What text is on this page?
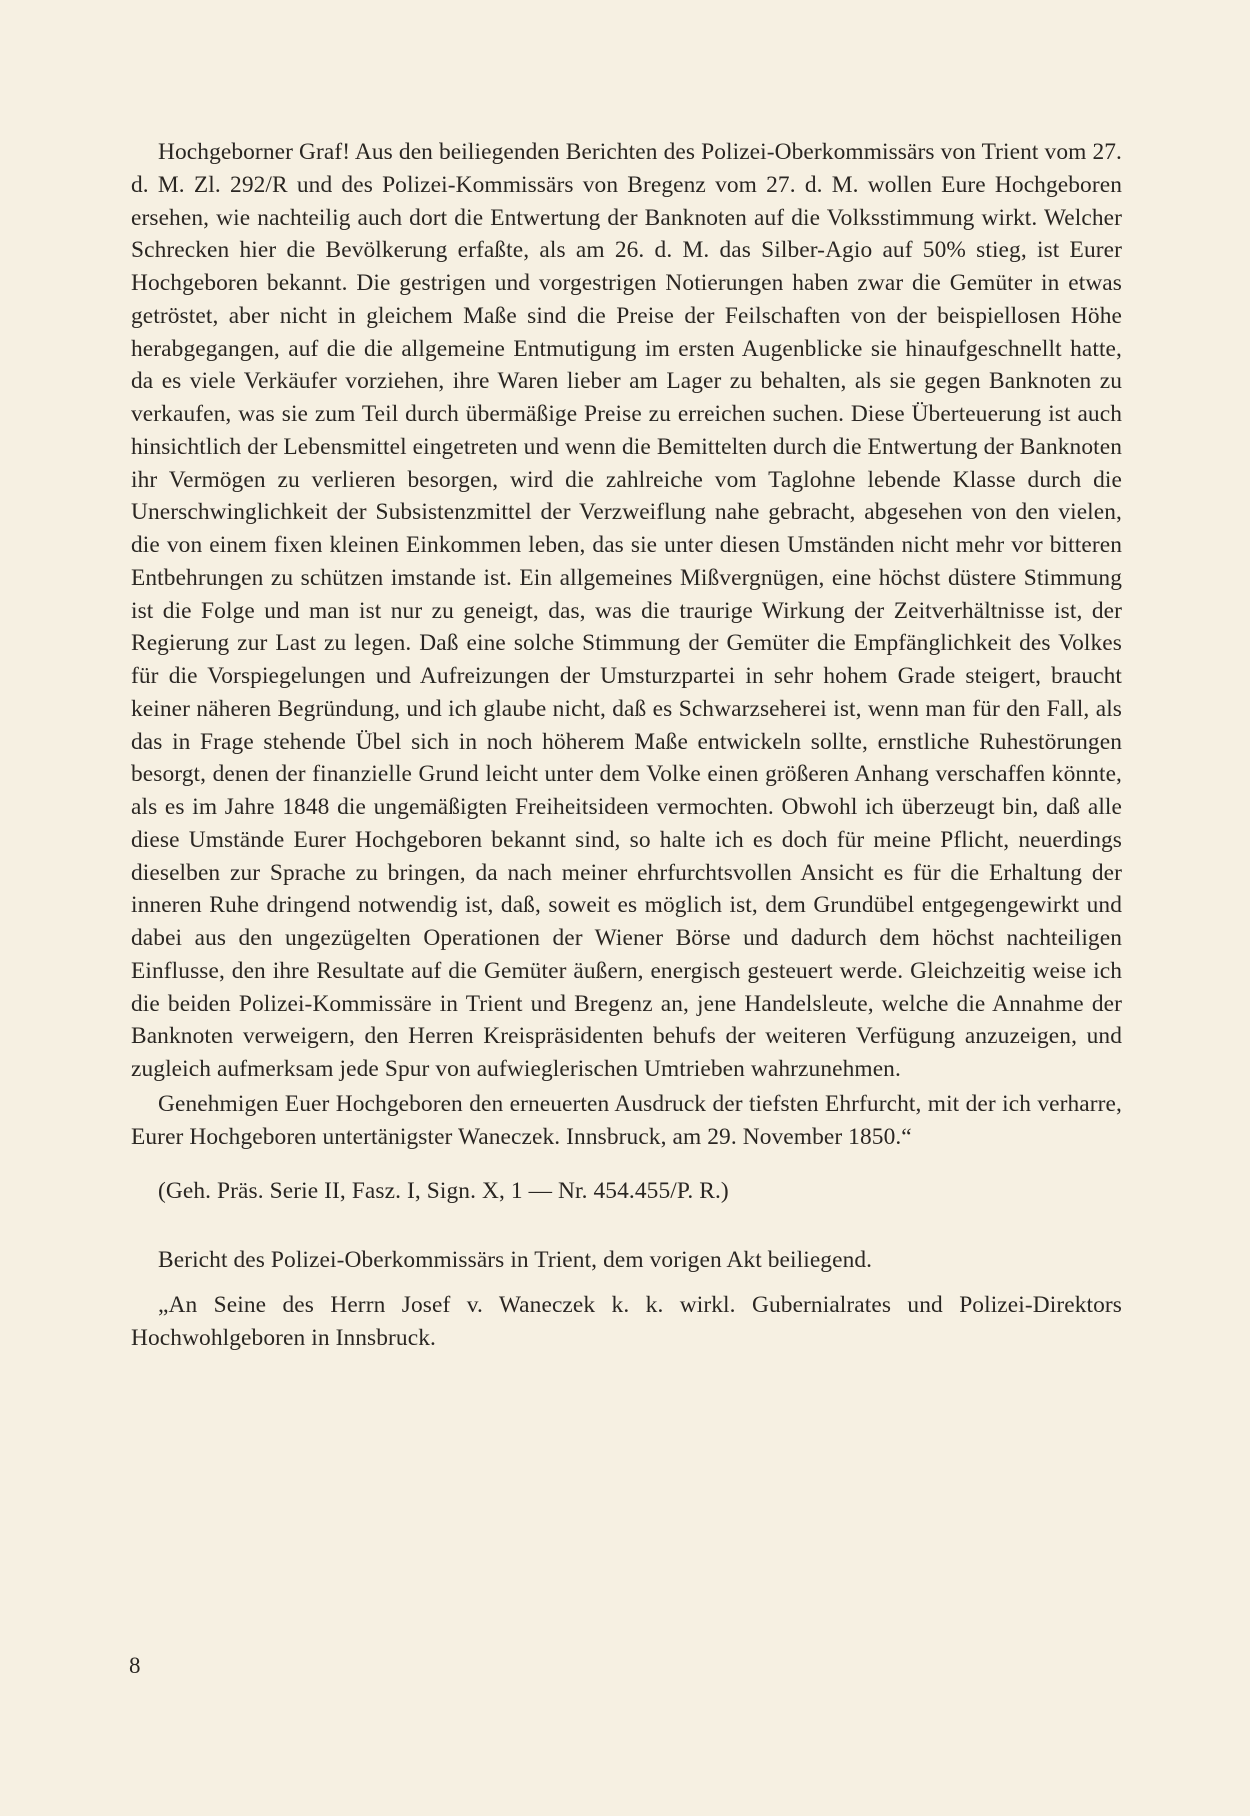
Hochgeborner Graf! Aus den beiliegenden Berichten des Polizei-Oberkommissärs von Trient vom 27. d. M. Zl. 292/R und des Polizei-Kommissärs von Bregenz vom 27. d. M. wollen Eure Hochgeboren ersehen, wie nachteilig auch dort die Entwertung der Banknoten auf die Volksstimmung wirkt. Welcher Schrecken hier die Bevölkerung erfaßte, als am 26. d. M. das Silber-Agio auf 50% stieg, ist Eurer Hochgeboren bekannt. Die gestrigen und vorgestrigen Notierungen haben zwar die Gemüter in etwas getröstet, aber nicht in gleichem Maße sind die Preise der Feilschaften von der beispiellosen Höhe herabgegangen, auf die die allgemeine Entmutigung im ersten Augenblicke sie hinaufgeschnellt hatte, da es viele Verkäufer vorziehen, ihre Waren lieber am Lager zu behalten, als sie gegen Banknoten zu verkaufen, was sie zum Teil durch übermäßige Preise zu erreichen suchen. Diese Überteuerung ist auch hinsichtlich der Lebensmittel eingetreten und wenn die Bemittelten durch die Entwertung der Banknoten ihr Vermögen zu verlieren besorgen, wird die zahlreiche vom Taglohne lebende Klasse durch die Unerschwinglichkeit der Subsistenzmittel der Verzweiflung nahe gebracht, abgesehen von den vielen, die von einem fixen kleinen Einkommen leben, das sie unter diesen Umständen nicht mehr vor bitteren Entbehrungen zu schützen imstande ist. Ein allgemeines Mißvergnügen, eine höchst düstere Stimmung ist die Folge und man ist nur zu geneigt, das, was die traurige Wirkung der Zeitverhältnisse ist, der Regierung zur Last zu legen. Daß eine solche Stimmung der Gemüter die Empfänglichkeit des Volkes für die Vorspiegelungen und Aufreizungen der Umsturzpartei in sehr hohem Grade steigert, braucht keiner näheren Begründung, und ich glaube nicht, daß es Schwarzseherei ist, wenn man für den Fall, als das in Frage stehende Übel sich in noch höherem Maße entwickeln sollte, ernstliche Ruhestörungen besorgt, denen der finanzielle Grund leicht unter dem Volke einen größeren Anhang verschaffen könnte, als es im Jahre 1848 die ungemäßigten Freiheitsideen vermochten. Obwohl ich überzeugt bin, daß alle diese Umstände Eurer Hochgeboren bekannt sind, so halte ich es doch für meine Pflicht, neuerdings dieselben zur Sprache zu bringen, da nach meiner ehrfurchtsvollen Ansicht es für die Erhaltung der inneren Ruhe dringend notwendig ist, daß, soweit es möglich ist, dem Grundübel entgegengewirkt und dabei aus den ungezügelten Operationen der Wiener Börse und dadurch dem höchst nachteiligen Einflusse, den ihre Resultate auf die Gemüter äußern, energisch gesteuert werde. Gleichzeitig weise ich die beiden Polizei-Kommissäre in Trient und Bregenz an, jene Handelsleute, welche die Annahme der Banknoten verweigern, den Herren Kreispräsidenten behufs der weiteren Verfügung anzuzeigen, und zugleich aufmerksam jede Spur von aufwieglerischen Umtrieben wahrzunehmen.

Genehmigen Euer Hochgeboren den erneuerten Ausdruck der tiefsten Ehrfurcht, mit der ich verharre, Eurer Hochgeboren untertänigster Waneczek. Innsbruck, am 29. November 1850.“

(Geh. Präs. Serie II, Fasz. I, Sign. X, 1 — Nr. 454.455/P. R.)

Bericht des Polizei-Oberkommissärs in Trient, dem vorigen Akt beiliegend.

„An Seine des Herrn Josef v. Waneczek k. k. wirkl. Gubernialrates und Polizei-Direktors Hochwohlgeboren in Innsbruck.

8
